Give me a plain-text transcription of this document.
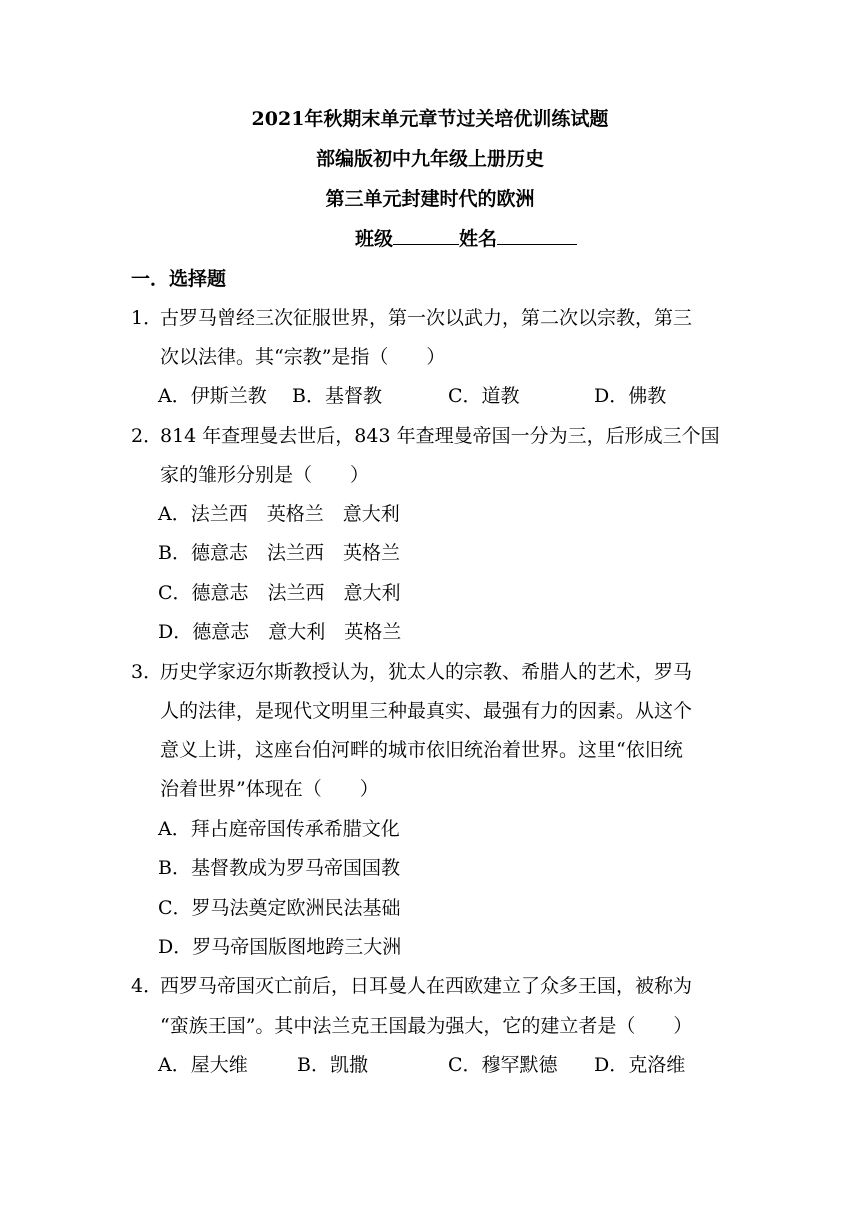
2021年秋期末单元章节过关培优训练试题
部编版初中九年级上册历史
第三单元封建时代的欧洲
班级	姓名
一．选择题
1．
古罗马曾经三次征服世界，第一次以武力，第二次以宗教，第三
次以法律。其“宗教”是指（　　）
A．伊斯兰教 B．基督教	C．道教	D．佛教
2．
814 年查理曼去世后，843 年查理曼帝国一分为三，后形成三个国
家的雏形分别是（　　）
A．法兰西　英格兰　意大利
B．德意志　法兰西　英格兰
C．德意志　法兰西　意大利
D．德意志　意大利　英格兰
3．
历史学家迈尔斯教授认为，犹太人的宗教、希腊人的艺术，罗马
人的法律，是现代文明里三种最真实、最强有力的因素。从这个
意义上讲，这座台伯河畔的城市依旧统治着世界。这里“依旧统
治着世界”体现在（　　）
A．拜占庭帝国传承希腊文化
B．基督教成为罗马帝国国教
C．罗马法奠定欧洲民法基础
D．罗马帝国版图地跨三大洲
4．
西罗马帝国灭亡前后，日耳曼人在西欧建立了众多王国，被称为
“蛮族王国”。其中法兰克王国最为强大，它的建立者是（　　）
A．屋大维	B．凯撒	C．穆罕默德 D．克洛维
